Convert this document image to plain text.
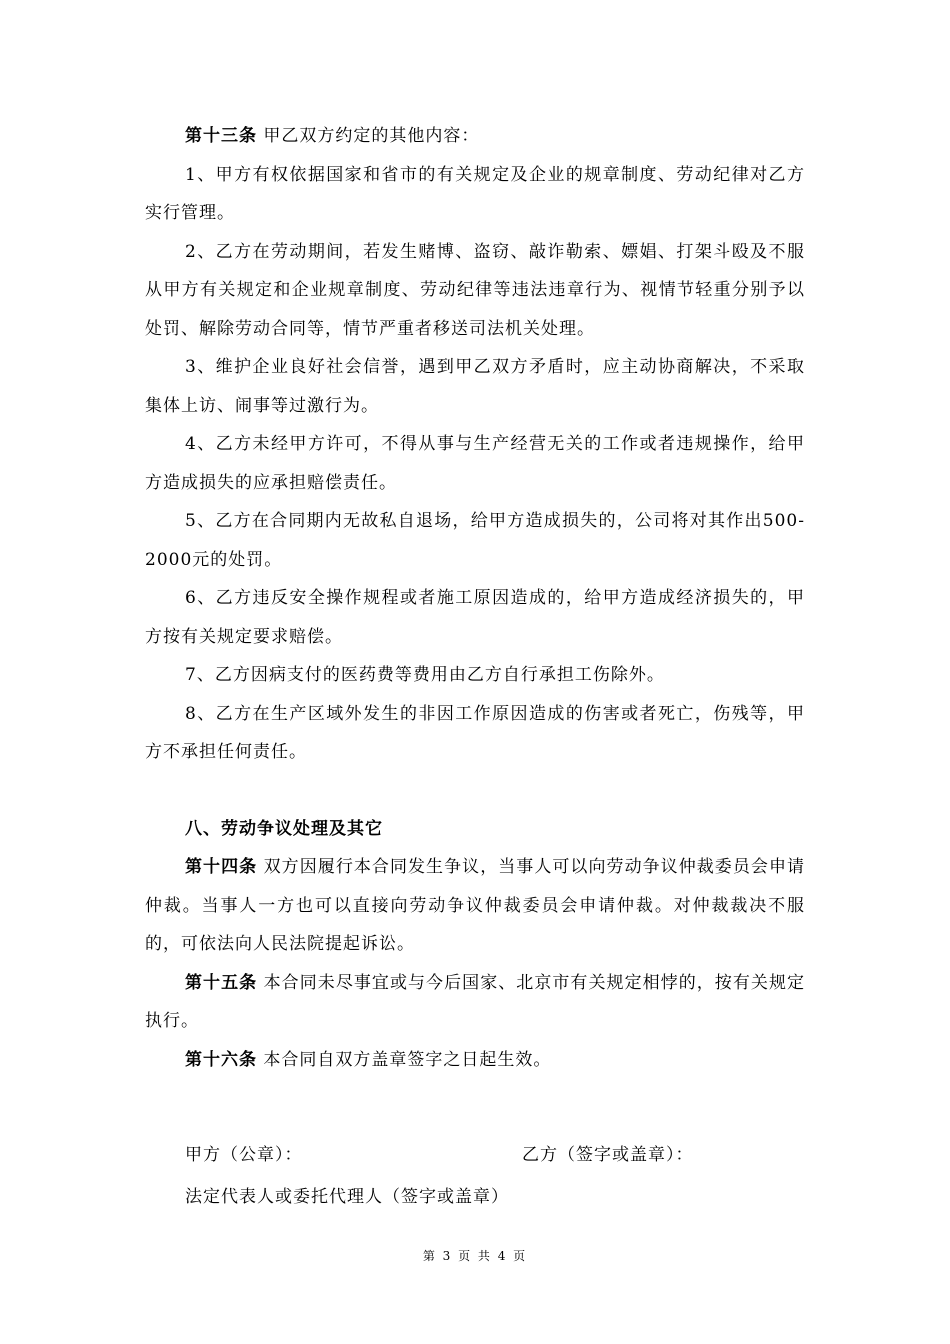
第十三条 甲乙双方约定的其他内容：

1、甲方有权依据国家和省市的有关规定及企业的规章制度、劳动纪律对乙方实行管理。

2、乙方在劳动期间，若发生赌博、盗窃、敲诈勒索、嫖娼、打架斗殴及不服从甲方有关规定和企业规章制度、劳动纪律等违法违章行为、视情节轻重分别予以处罚、解除劳动合同等，情节严重者移送司法机关处理。

3、维护企业良好社会信誉，遇到甲乙双方矛盾时，应主动协商解决，不采取集体上访、闹事等过激行为。

4、乙方未经甲方许可，不得从事与生产经营无关的工作或者违规操作，给甲方造成损失的应承担赔偿责任。

5、乙方在合同期内无故私自退场，给甲方造成损失的，公司将对其作出500-2000元的处罚。

6、乙方违反安全操作规程或者施工原因造成的，给甲方造成经济损失的，甲方按有关规定要求赔偿。

7、乙方因病支付的医药费等费用由乙方自行承担工伤除外。

8、乙方在生产区域外发生的非因工作原因造成的伤害或者死亡，伤残等，甲方不承担任何责任。

八、劳动争议处理及其它

第十四条 双方因履行本合同发生争议，当事人可以向劳动争议仲裁委员会申请仲裁。当事人一方也可以直接向劳动争议仲裁委员会申请仲裁。对仲裁裁决不服的，可依法向人民法院提起诉讼。

第十五条 本合同未尽事宜或与今后国家、北京市有关规定相悖的，按有关规定执行。

第十六条 本合同自双方盖章签字之日起生效。

甲方（公章）：	乙方（签字或盖章）：
法定代表人或委托代理人（签字或盖章）
第 3 页 共 4 页
